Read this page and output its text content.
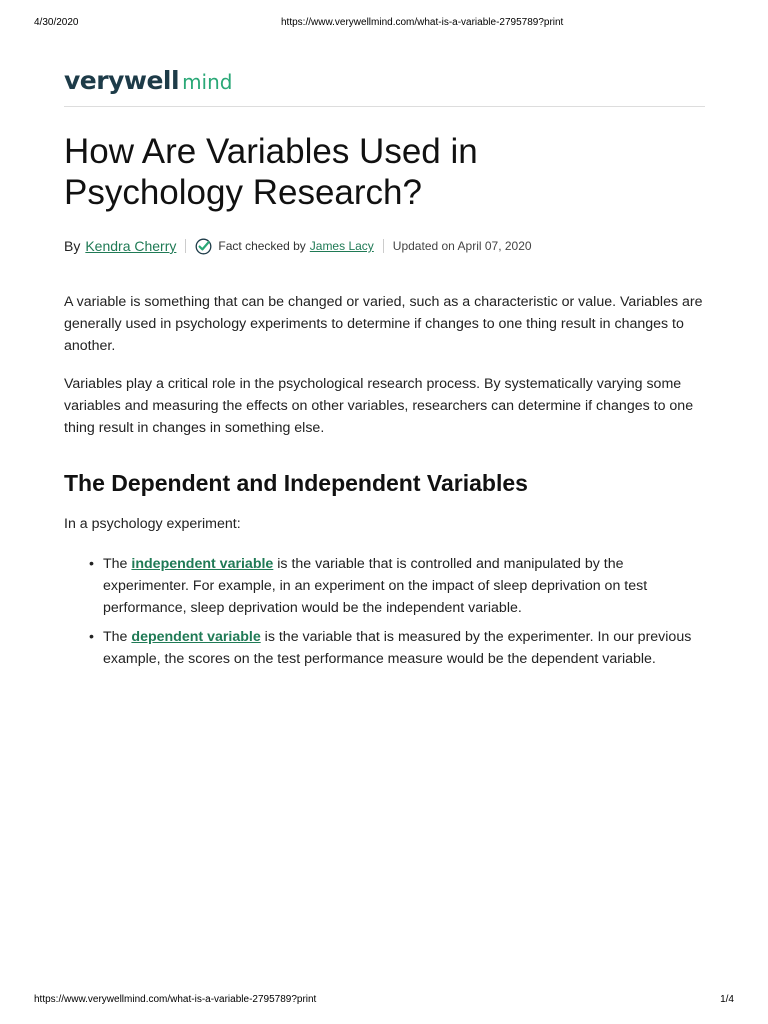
4/30/2020	https://www.verywellmind.com/what-is-a-variable-2795789?print
verywell mind
How Are Variables Used in
Psychology Research?
By Kendra Cherry	Fact checked by James Lacy Updated on April 07, 2020

A variable is something that can be changed or varied, such as a characteristic or value. Variables are generally used in psychology experiments to determine if changes to one thing result in changes to another.

Variables play a critical role in the psychological research process. By systematically varying some variables and measuring the effects on other variables, researchers can determine if changes to one thing result in changes in something else.

The Dependent and Independent Variables
In a psychology experiment:
• The independent variable is the variable that is controlled and manipulated by the experimenter. For example, in an experiment on the impact of sleep deprivation on test performance, sleep deprivation would be the independent variable.
• The dependent variable is the variable that is measured by the experimenter. In our previous example, the scores on the test performance measure would be the dependent variable.
https://www.verywellmind.com/what-is-a-variable-2795789?print	1/4
